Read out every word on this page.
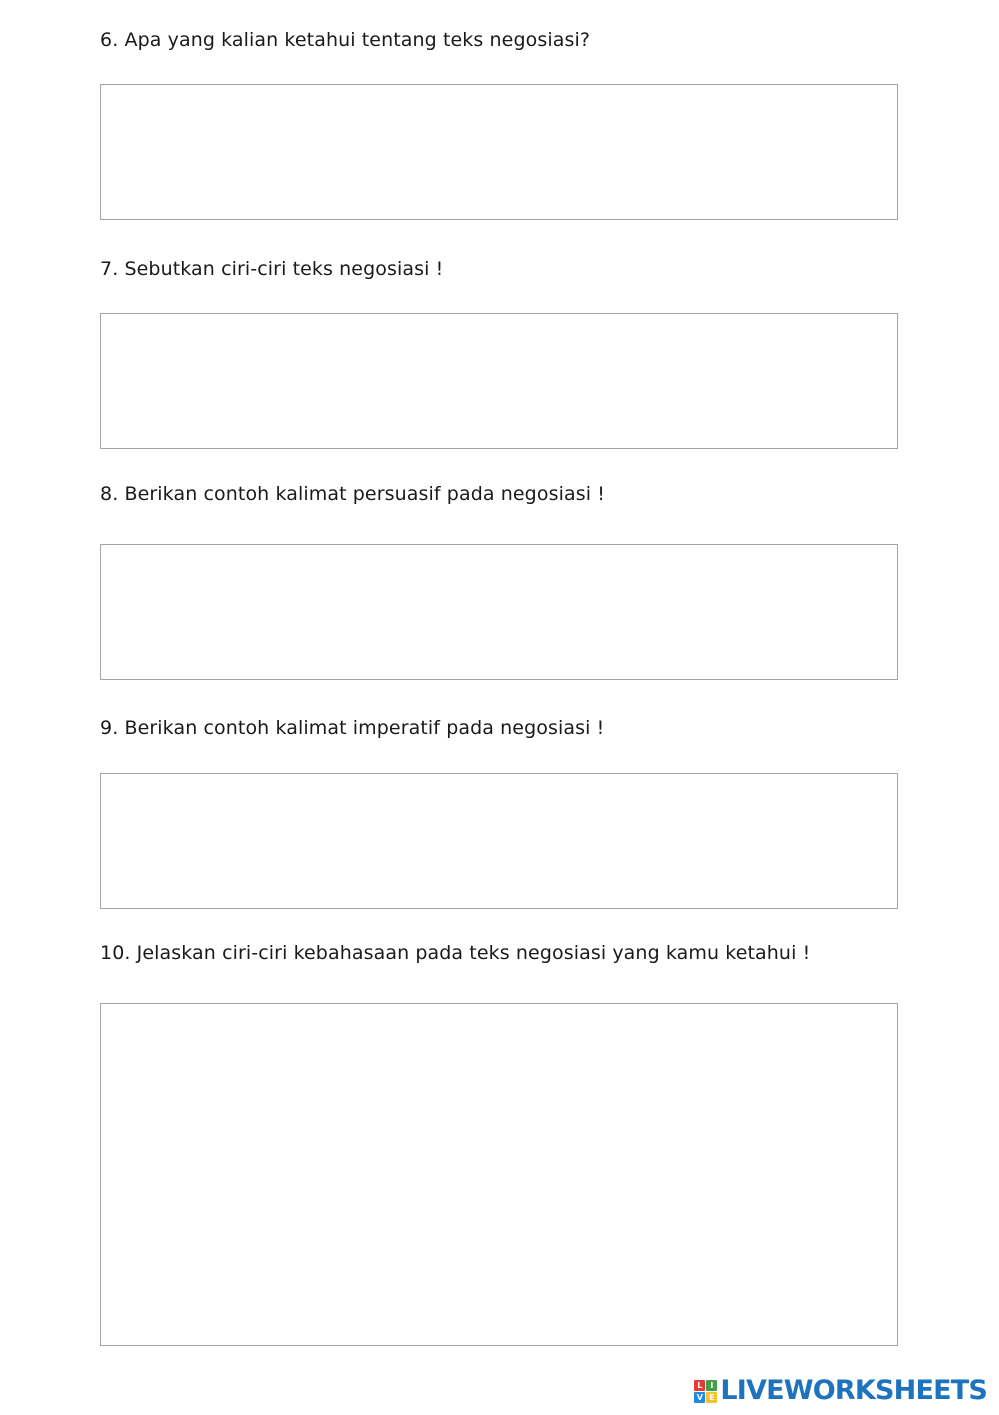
6. Apa yang kalian ketahui tentang teks negosiasi?
7. Sebutkan ciri-ciri teks negosiasi !
8. Berikan contoh kalimat persuasif pada negosiasi !
9. Berikan contoh kalimat imperatif pada negosiasi !
10. Jelaskan ciri-ciri kebahasaan pada teks negosiasi yang kamu ketahui !
L I
V E LIVEWORKSHEETS
